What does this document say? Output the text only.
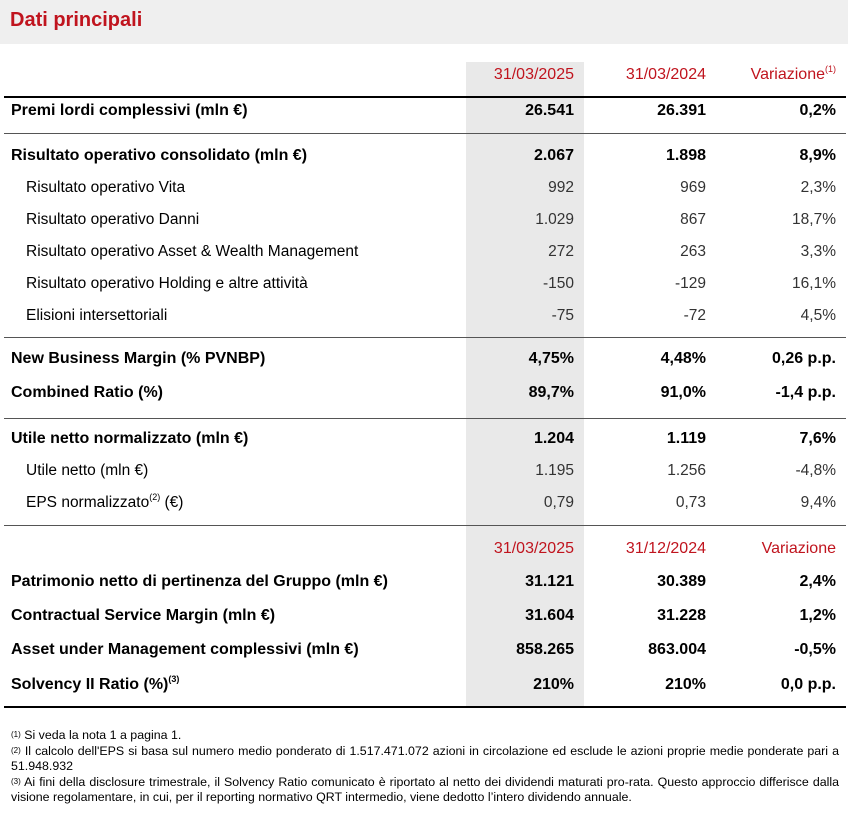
Dati principali
31/03/2025	31/03/2024	Variazione$^{(1)}$
Premi lordi complessivi (mln €)	26.541	26.391	0,2%
Risultato operativo consolidato (mln €)	2.067	1.898	8,9%
Risultato operativo Vita	992	969	2,3%
Risultato operativo Danni	1.029	867	18,7%
Risultato operativo Asset & Wealth Management	272	263	3,3%
Risultato operativo Holding e altre attività	-150	-129	16,1%
Elisioni intersettoriali	-75	-72	4,5%
New Business Margin (% PVNBP)	4,75%	4,48%	0,26 p.p.
Combined Ratio (%)	89,7%	91,0%	-1,4 p.p.
Utile netto normalizzato (mln €)	1.204	1.119	7,6%
Utile netto (mln €)	1.195	1.256	-4,8%
EPS normalizzato$^{(2)}$ (€)	0,79	0,73	9,4%
31/03/2025	31/12/2024	Variazione
Patrimonio netto di pertinenza del Gruppo (mln €)	31.121	30.389	2,4%
Contractual Service Margin (mln €)	31.604	31.228	1,2%
Asset under Management complessivi (mln €)	858.265	863.004	-0,5%
Solvency II Ratio (%)$^{(3)}$	210%	210%	0,0 p.p.
$^{(1)}$ Si veda la nota 1 a pagina 1.
$^{(2)}$ Il calcolo dell'EPS si basa sul numero medio ponderato di 1.517.471.072 azioni in circolazione ed esclude le azioni proprie medie ponderate pari a 51.948.932
$^{(3)}$ Ai fini della disclosure trimestrale, il Solvency Ratio comunicato è riportato al netto dei dividendi maturati pro-rata. Questo approccio differisce dalla visione regolamentare, in cui, per il reporting normativo QRT intermedio, viene dedotto l’intero dividendo annuale.
